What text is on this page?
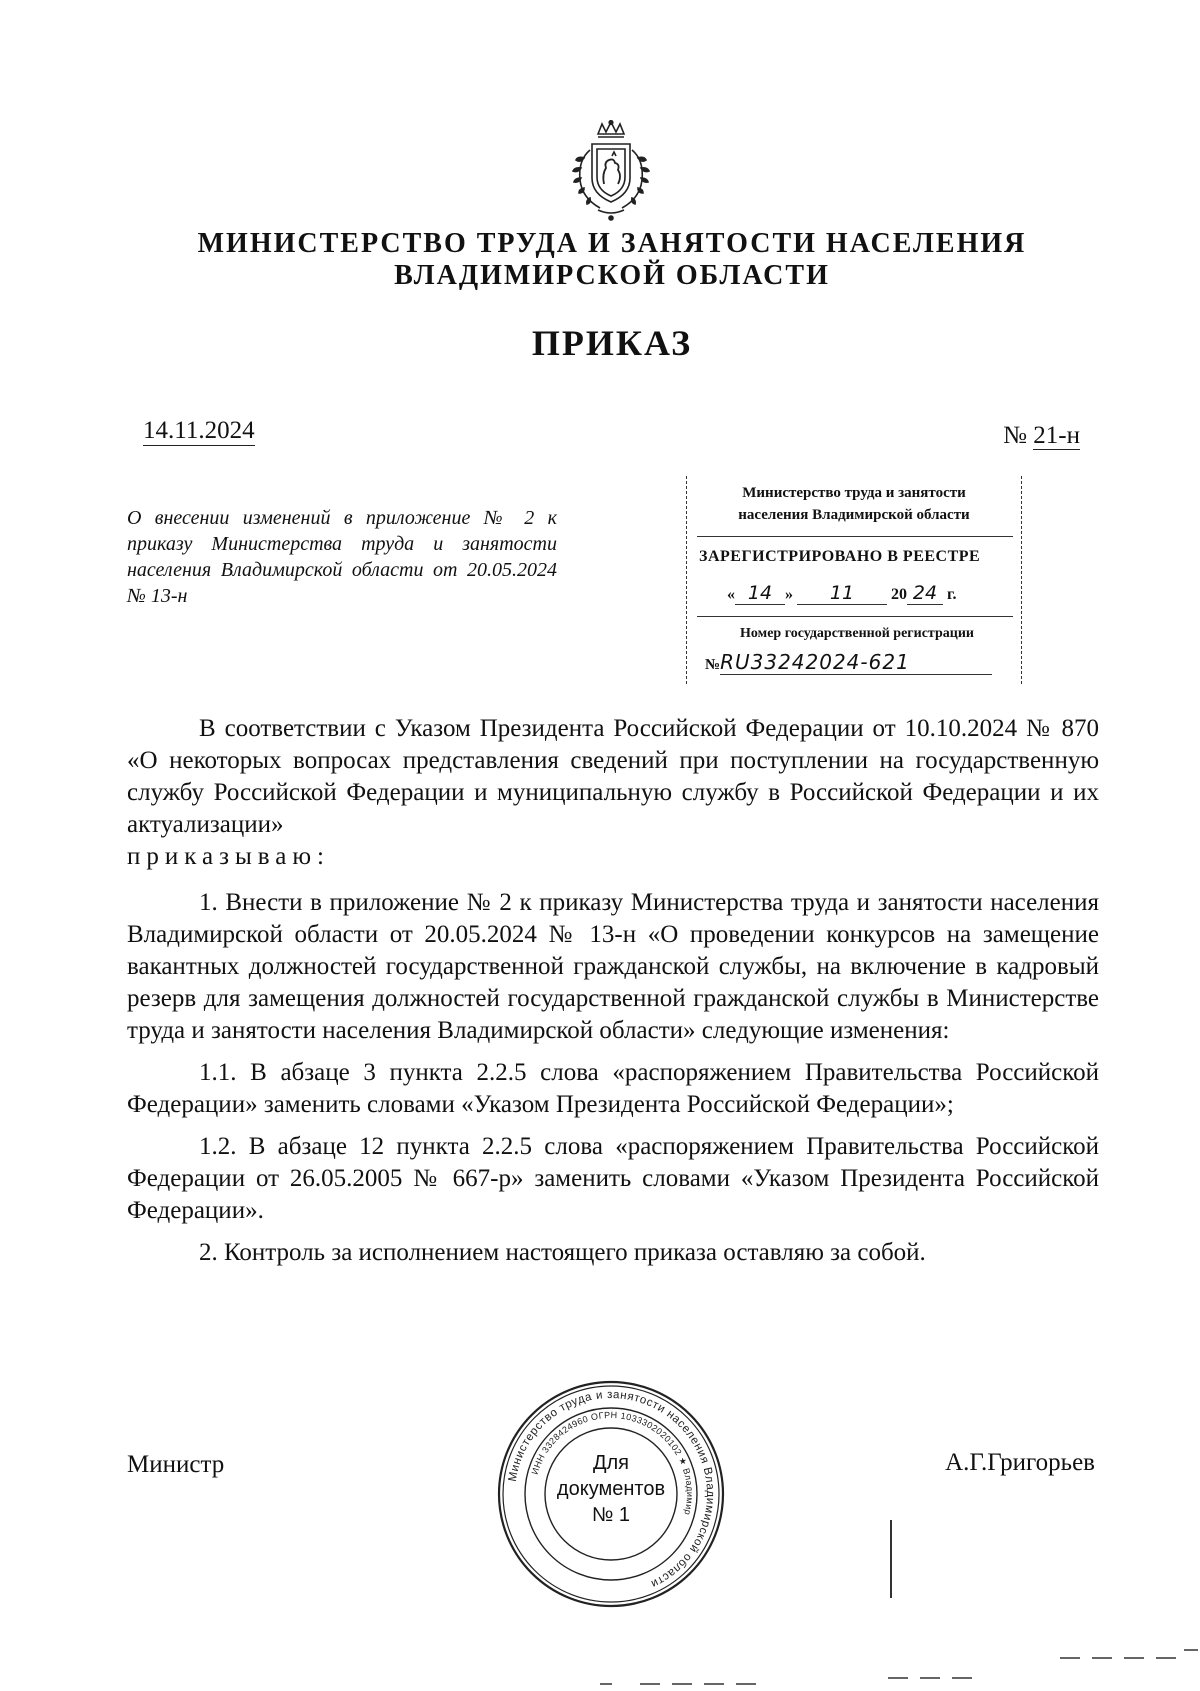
МИНИСТЕРСТВО ТРУДА И ЗАНЯТОСТИ НАСЕЛЕНИЯ
ВЛАДИМИРСКОЙ ОБЛАСТИ
ПРИКАЗ
14.11.2024	№ 21-н
О внесении изменений в приложение № 2 к приказу Министерства труда и занятости населения Владимирской области от 20.05.2024 № 13-н
Министерство труда и занятости
населения Владимирской области
ЗАРЕГИСТРИРОВАНО В РЕЕСТРЕ
« 14 » 11 20 24 г.
Номер государственной регистрации
№RU33242024-621

В соответствии с Указом Президента Российской Федерации от 10.10.2024 № 870 «О некоторых вопросах представления сведений при поступлении на государственную службу Российской Федерации и муниципальную службу в Российской Федерации и их актуализации»

приказываю:

1. Внести в приложение № 2 к приказу Министерства труда и занятости населения Владимирской области от 20.05.2024 № 13-н «О проведении конкурсов на замещение вакантных должностей государственной гражданской службы, на включение в кадровый резерв для замещения должностей государственной гражданской службы в Министерстве труда и занятости населения Владимирской области» следующие изменения:

1.1. В абзаце 3 пункта 2.2.5 слова «распоряжением Правительства Российской Федерации» заменить словами «Указом Президента Российской Федерации»;

1.2. В абзаце 12 пункта 2.2.5 слова «распоряжением Правительства Российской Федерации от 26.05.2005 № 667-р» заменить словами «Указом Президента Российской Федерации».

2. Контроль за исполнением настоящего приказа оставляю за собой.

Министр	А.Г.Григорьев
Министерство труда и занятости населения Владимирской области
ИНН 3328424960 ОГРН 1033302020102 ★ Владимир
Для
документов
№ 1
